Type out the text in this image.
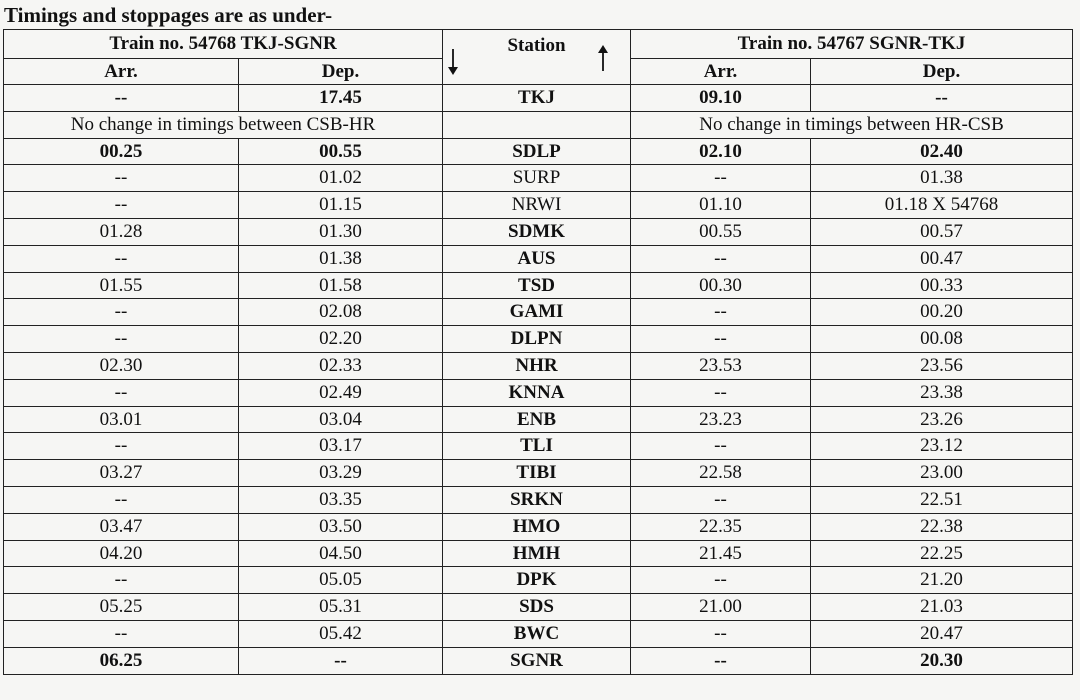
Timings and stoppages are as under-
Train no. 54768 TKJ-SGNR		Station	Train no. 54767 SGNR-TKJ	
Arr.	Dep.		Arr.	Dep.
--	17.45	TKJ	09.10	--
No change in timings between CSB-HR			No change in timings between HR-CSB	
00.25	00.55	SDLP	02.10	02.40
--	01.02	SURP	--	01.38
--	01.15	NRWI	01.10	01.18 X 54768
01.28	01.30	SDMK	00.55	00.57
--	01.38	AUS	--	00.47
01.55	01.58	TSD	00.30	00.33
--	02.08	GAMI	--	00.20
--	02.20	DLPN	--	00.08
02.30	02.33	NHR	23.53	23.56
--	02.49	KNNA	--	23.38
03.01	03.04	ENB	23.23	23.26
--	03.17	TLI	--	23.12
03.27	03.29	TIBI	22.58	23.00
--	03.35	SRKN	--	22.51
03.47	03.50	HMO	22.35	22.38
04.20	04.50	HMH	21.45	22.25
--	05.05	DPK	--	21.20
05.25	05.31	SDS	21.00	21.03
--	05.42	BWC	--	20.47
06.25	--	SGNR	--	20.30
